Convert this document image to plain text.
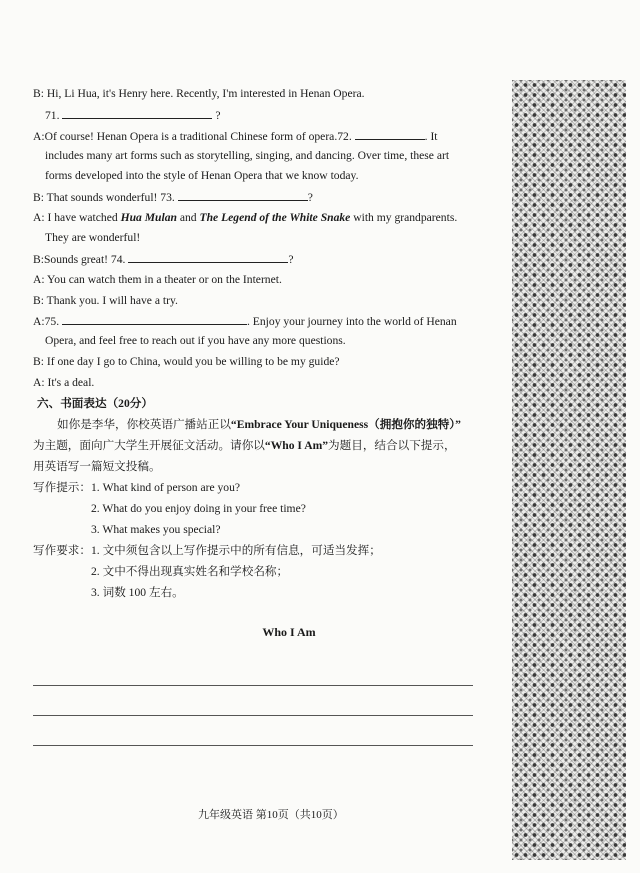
B: Hi, Li Hua, it's Henry here. Recently, I'm interested in Henan Opera.
71.	?
A:Of course! Henan Opera is a traditional Chinese form of opera.72.	. It
includes many art forms such as storytelling, singing, and dancing. Over time, these art
forms developed into the style of Henan Opera that we know today.
B: That sounds wonderful! 73.	?
A: I have watched Hua Mulan and The Legend of the White Snake with my grandparents.
They are wonderful!
B:Sounds great! 74.	?
A: You can watch them in a theater or on the Internet.
B: Thank you. I will have a try.
A:75.	. Enjoy your journey into the world of Henan
Opera, and feel free to reach out if you have any more questions.
B: If one day I go to China, would you be willing to be my guide?
A: It's a deal.
六、书面表达（20分）
如你是李华，你校英语广播站正以“Embrace Your Uniqueness（拥抱你的独特）”
为主题，面向广大学生开展征文活动。请你以“Who I Am”为题目，结合以下提示，
用英语写一篇短文投稿。
写作提示：1. What kind of person are you?
2. What do you enjoy doing in your free time?
3. What makes you special?
写作要求：1. 文中须包含以上写作提示中的所有信息，可适当发挥；
2. 文中不得出现真实姓名和学校名称；
3. 词数 100 左右。
Who I Am
九年级英语 第10页（共10页）
